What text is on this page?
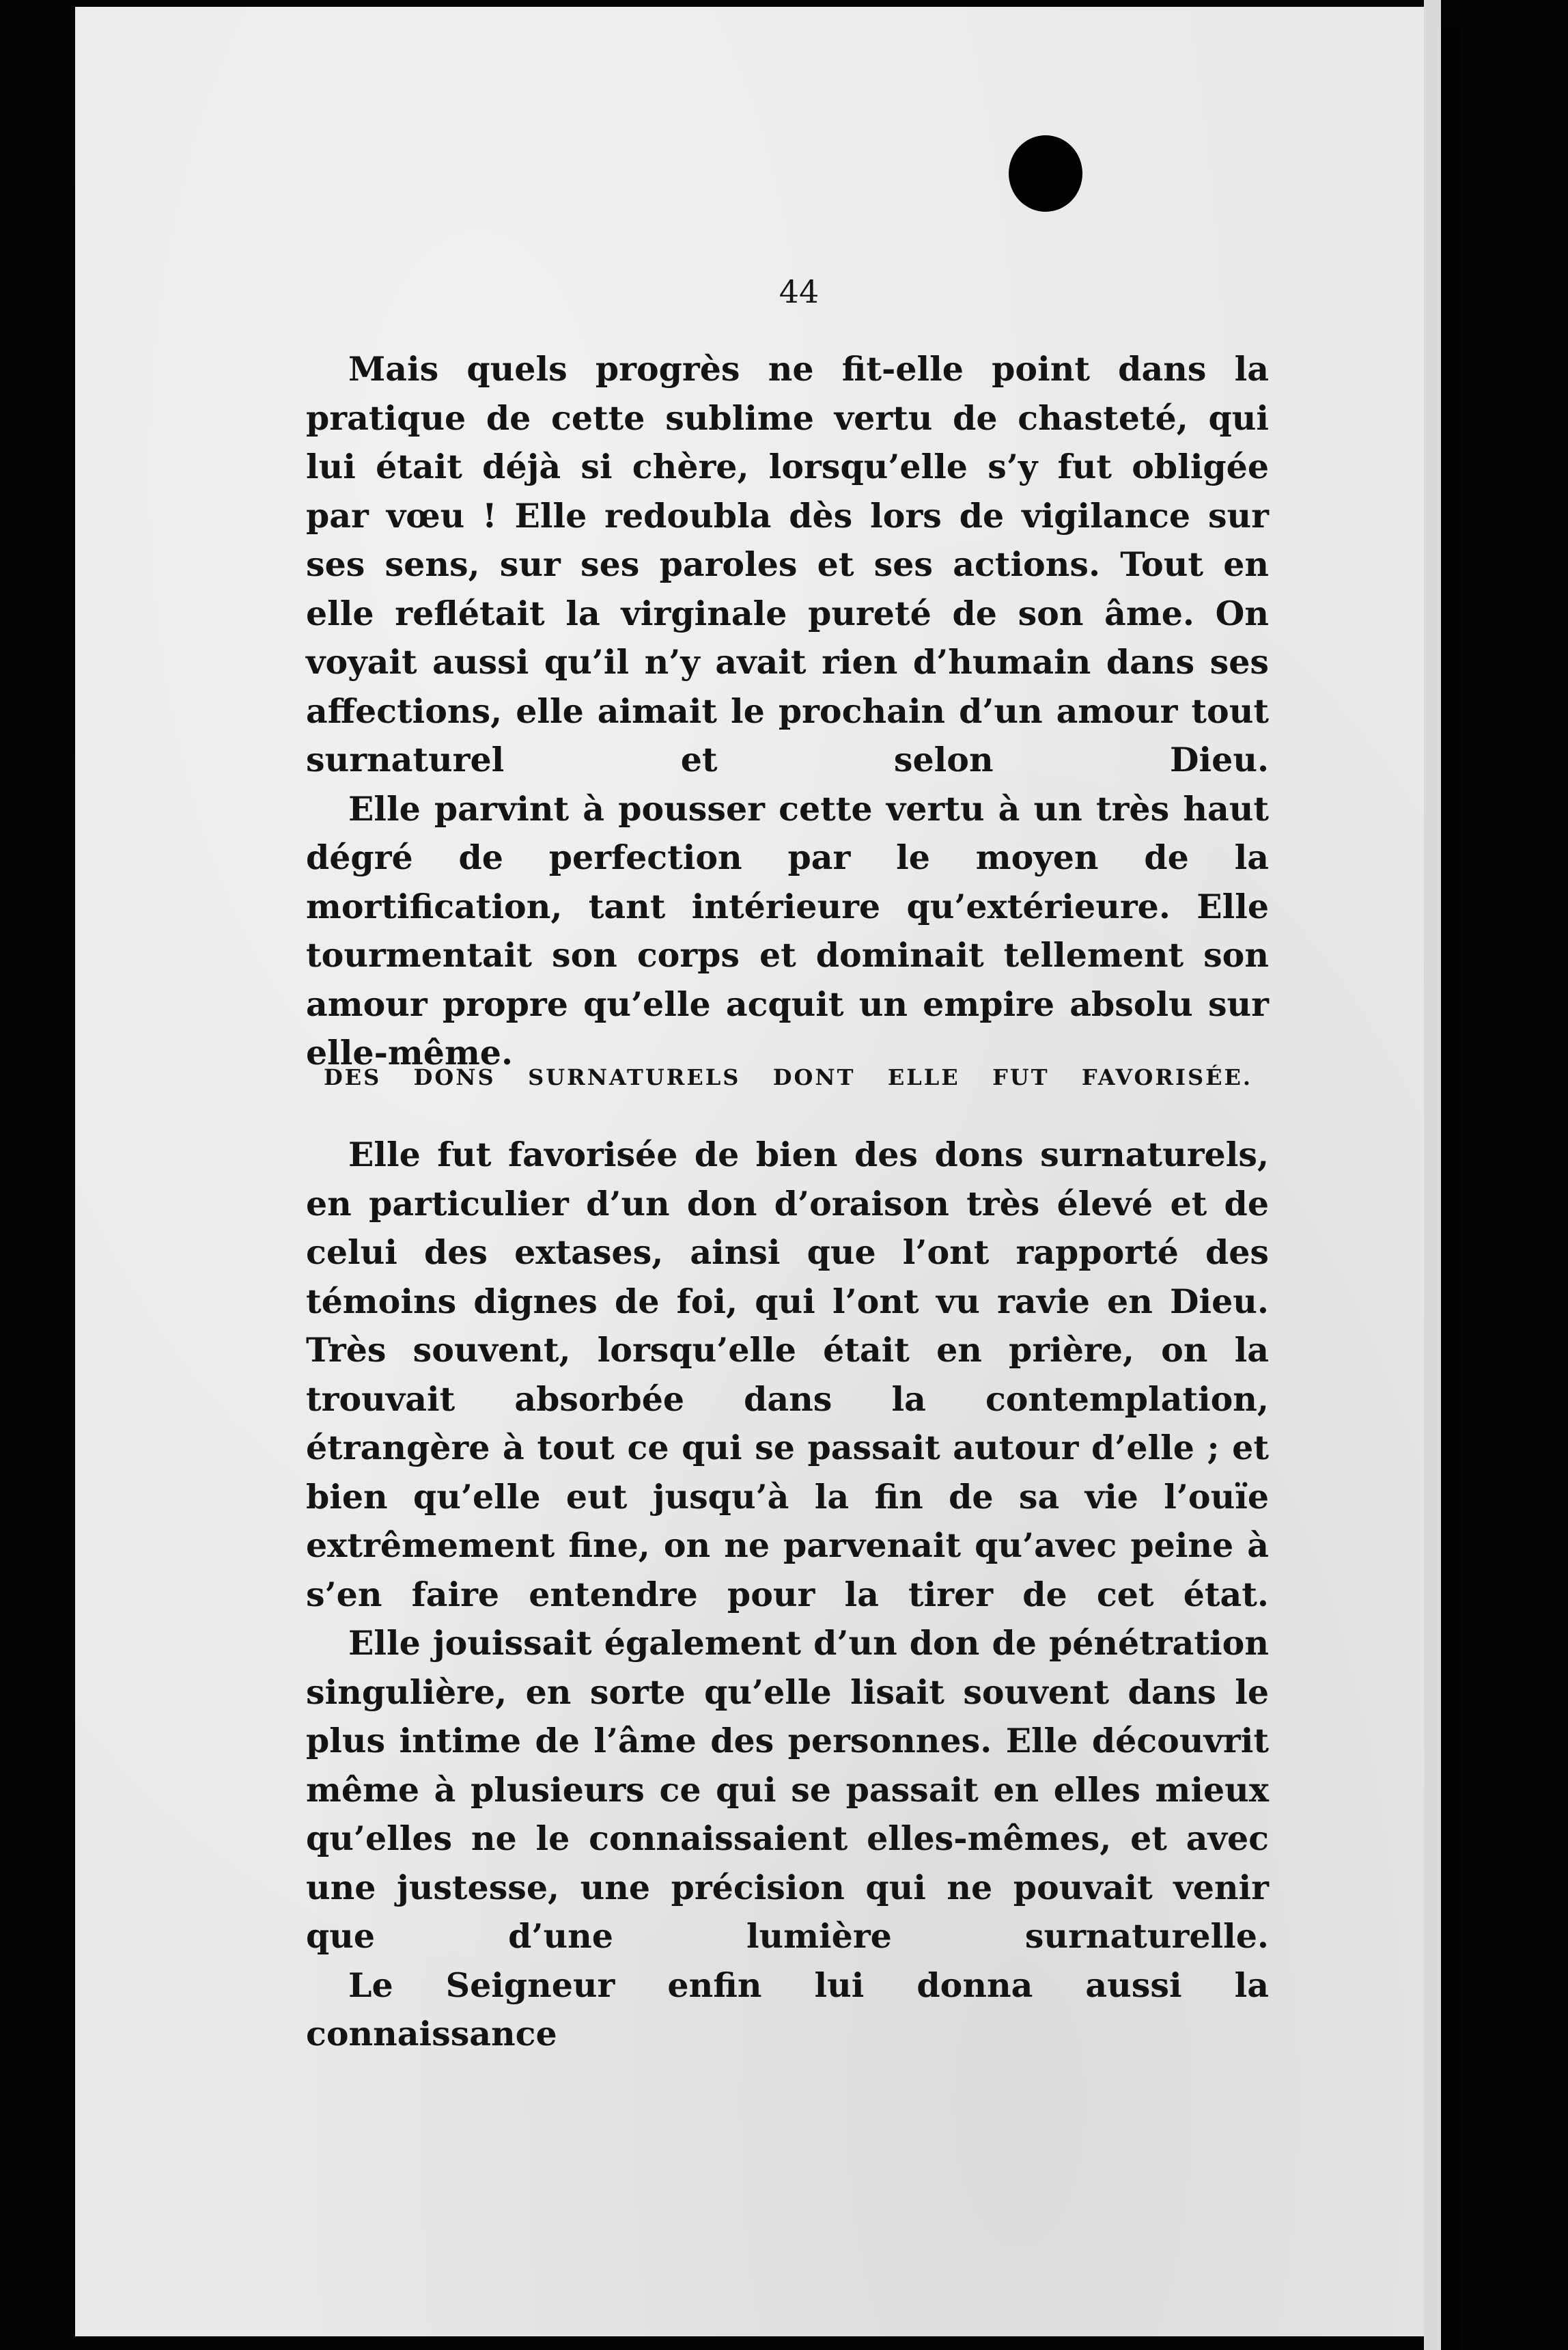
44

Mais quels progrès ne fit-elle point dans la pratique de cette sublime vertu de chasteté, qui lui était déjà si chère, lorsqu’elle s’y fut obligée par vœu ! Elle redoubla dès lors de vigilance sur ses sens, sur ses paroles et ses actions. Tout en elle reflétait la virginale pureté de son âme. On voyait aussi qu’il n’y avait rien d’humain dans ses affections, elle aimait le prochain d’un amour tout surnaturel et selon Dieu.

Elle parvint à pousser cette vertu à un très haut dégré de perfection par le moyen de la mortification, tant intérieure qu’extérieure. Elle tourmentait son corps et dominait tellement son amour propre qu’elle acquit un empire absolu sur elle-même.

DES DONS SURNATURELS DONT ELLE FUT FAVORISÉE.

Elle fut favorisée de bien des dons surnaturels, en particulier d’un don d’oraison très élevé et de celui des extases, ainsi que l’ont rapporté des témoins dignes de foi, qui l’ont vu ravie en Dieu. Très souvent, lorsqu’elle était en prière, on la trouvait absorbée dans la contemplation, étrangère à tout ce qui se passait autour d’elle ; et bien qu’elle eut jusqu’à la fin de sa vie l’ouïe extrêmement fine, on ne parvenait qu’avec peine à s’en faire entendre pour la tirer de cet état.

Elle jouissait également d’un don de pénétration singulière, en sorte qu’elle lisait souvent dans le plus intime de l’âme des personnes. Elle découvrit même à plusieurs ce qui se passait en elles mieux qu’elles ne le connaissaient elles-mêmes, et avec une justesse, une précision qui ne pouvait venir que d’une lumière surnaturelle.

Le Seigneur enfin lui donna aussi la connaissance
